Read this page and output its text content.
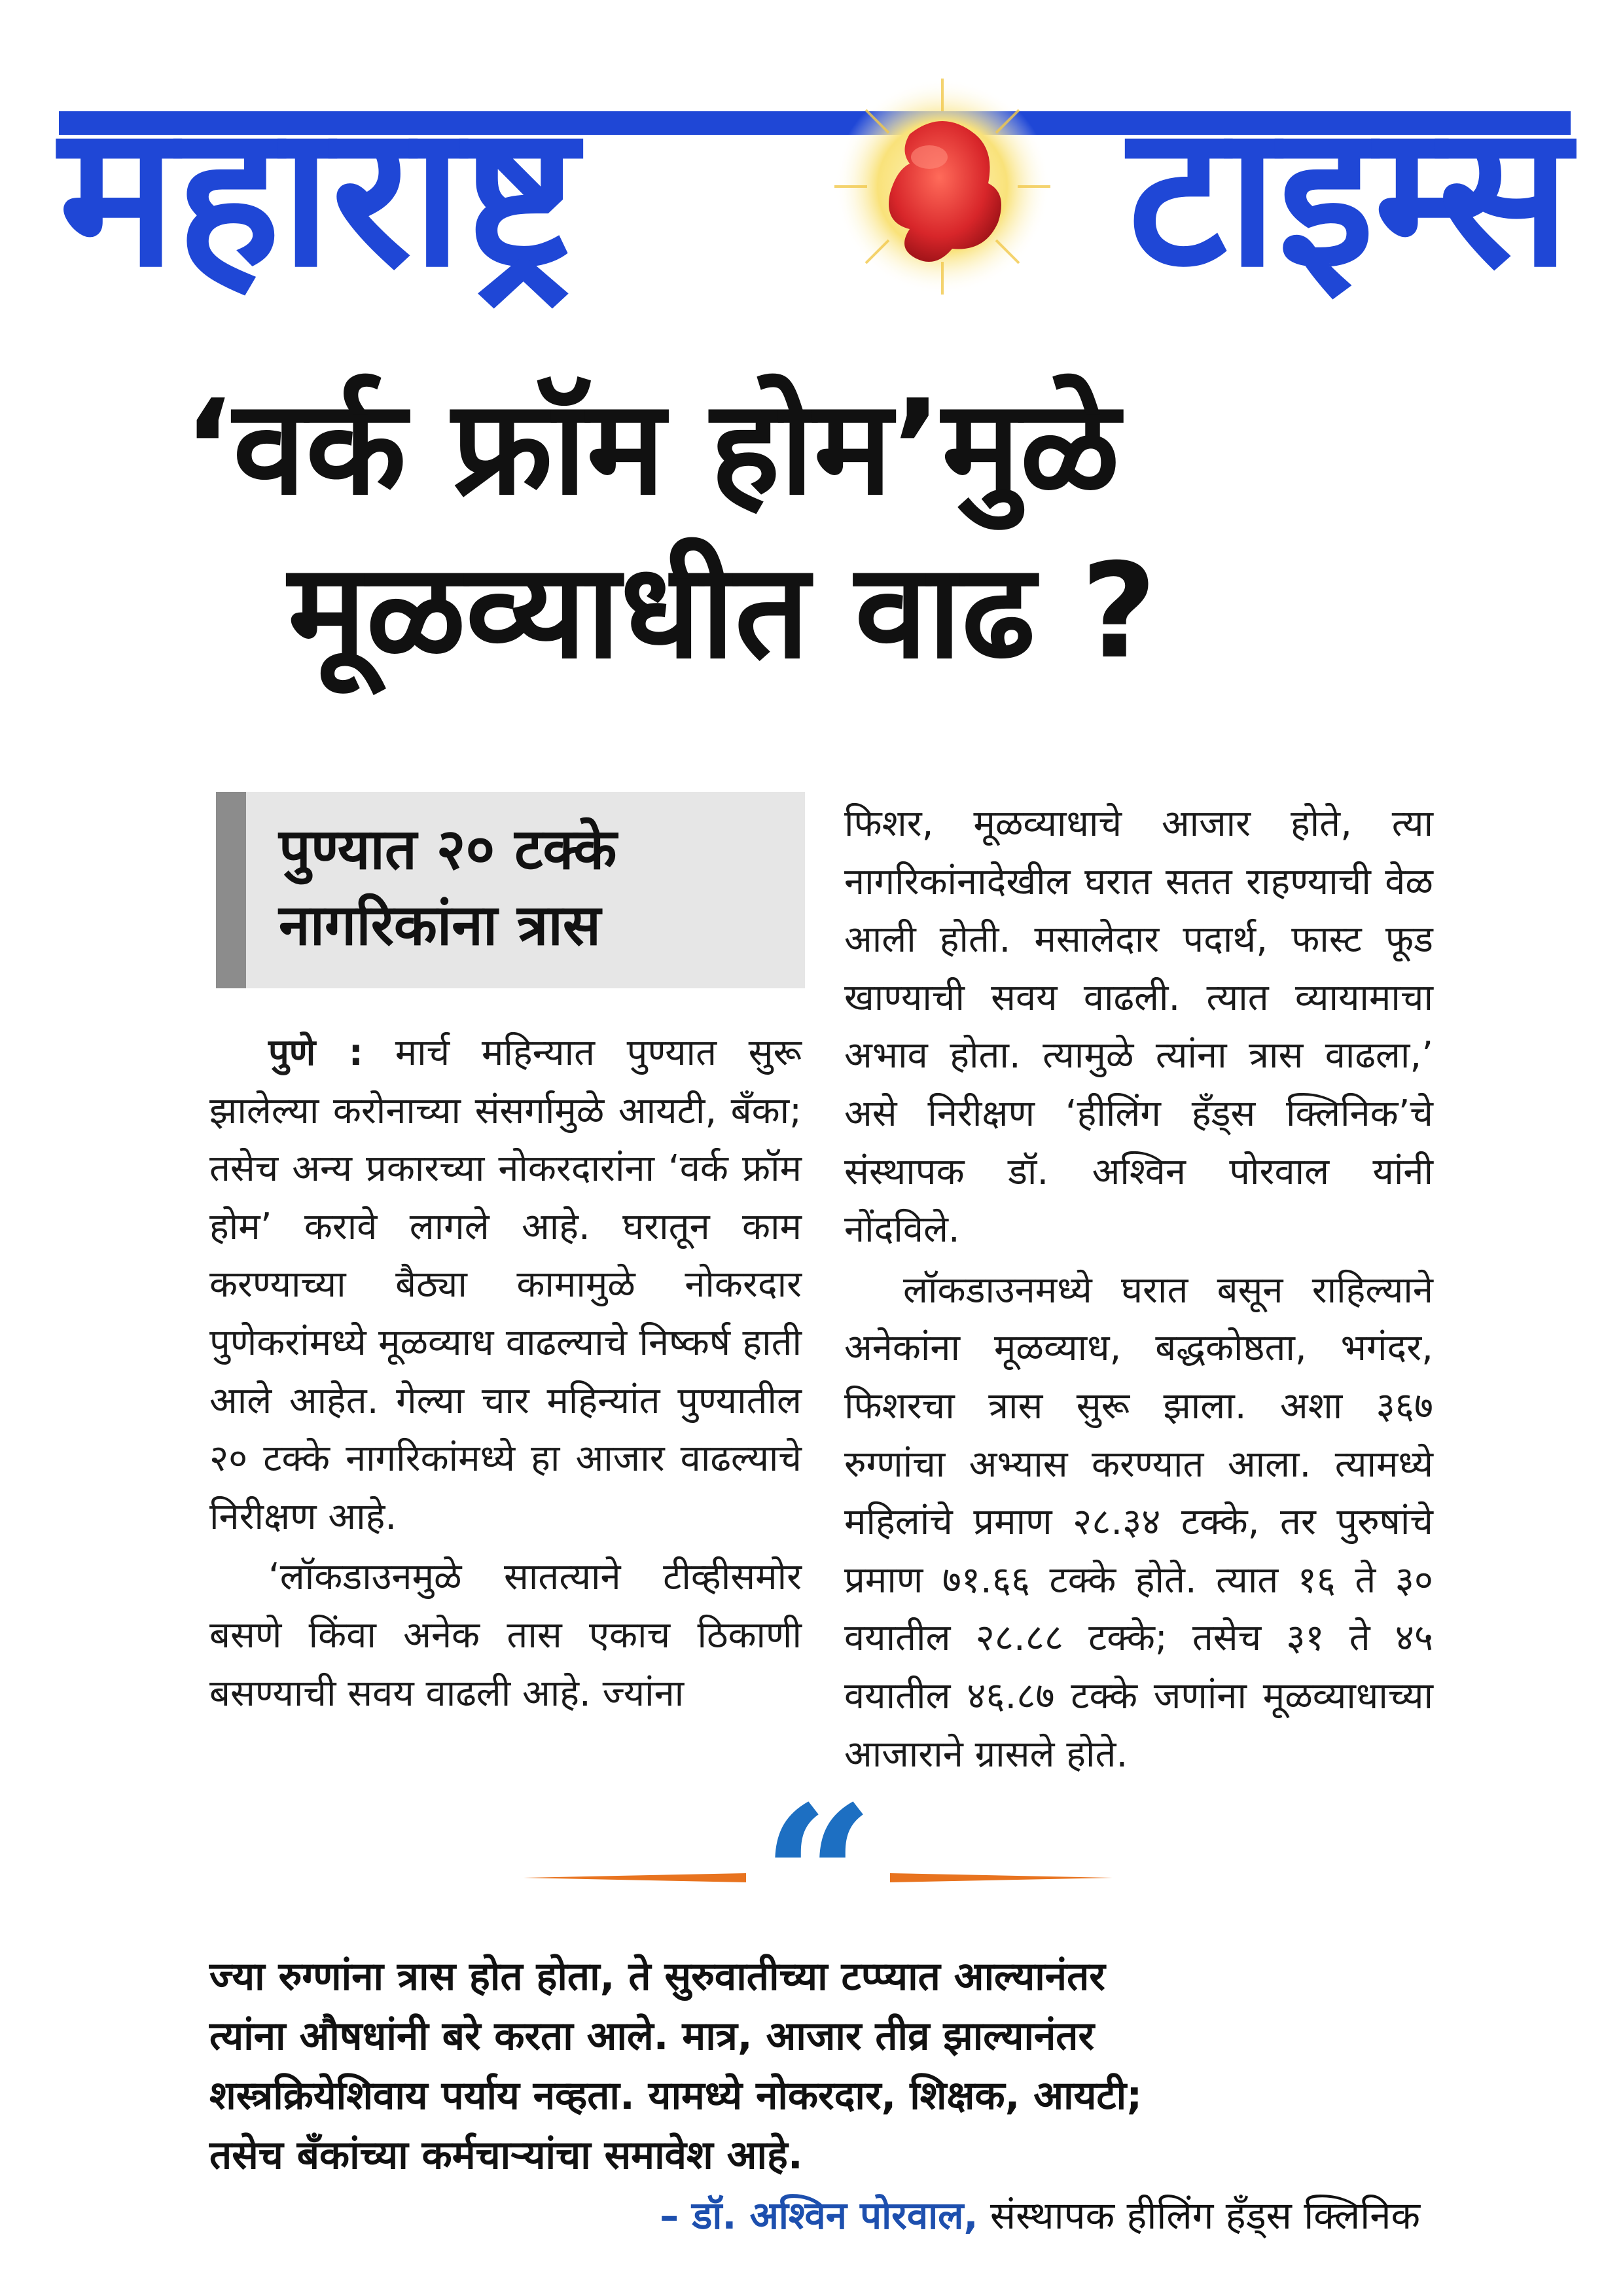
महाराष्ट्र	टाइम्स
‘वर्क फ्रॉम होम’मुळे
मूळव्याधीत वाढ ?
पुण्यात २० टक्के
नागरिकांना त्रास

पुणे : मार्च महिन्यात पुण्यात सुरू झालेल्या करोनाच्या संसर्गामुळे आयटी, बँका; तसेच अन्य प्रकारच्या नोकरदारांना ‘वर्क फ्रॉम होम’ करावे लागले आहे. घरातून काम करण्याच्या बैठ्या कामामुळे नोकरदार पुणेकरांमध्ये मूळव्याध वाढल्याचे निष्कर्ष हाती आले आहेत. गेल्या चार महिन्यांत पुण्यातील २० टक्के नागरिकांमध्ये हा आजार वाढल्याचे निरीक्षण आहे.

‘लॉकडाउनमुळे सातत्याने टीव्हीसमोर बसणे किंवा अनेक तास एकाच ठिकाणी बसण्याची सवय वाढली आहे. ज्यांना

फिशर, मूळव्याधाचे आजार होते, त्या नागरिकांनादेखील घरात सतत राहण्याची वेळ आली होती. मसालेदार पदार्थ, फास्ट फूड खाण्याची सवय वाढली. त्यात व्यायामाचा अभाव होता. त्यामुळे त्यांना त्रास वाढला,’ असे निरीक्षण ‘हीलिंग हँड्स क्लिनिक’चे संस्थापक डॉ. अश्विन पोरवाल यांनी नोंदविले.

लॉकडाउनमध्ये घरात बसून राहिल्याने अनेकांना मूळव्याध, बद्धकोष्ठता, भगंदर, फिशरचा त्रास सुरू झाला. अशा ३६७ रुग्णांचा अभ्यास करण्यात आला. त्यामध्ये महिलांचे प्रमाण २८.३४ टक्के, तर पुरुषांचे प्रमाण ७१.६६ टक्के होते. त्यात १६ ते ३० वयातील २८.८८ टक्के; तसेच ३१ ते ४५ वयातील ४६.८७ टक्के जणांना मूळव्याधाच्या आजाराने ग्रासले होते.

“
ज्या रुग्णांना त्रास होत होता, ते सुरुवातीच्या टप्प्यात आल्यानंतर
त्यांना औषधांनी बरे करता आले. मात्र, आजार तीव्र झाल्यानंतर
शस्त्रक्रियेशिवाय पर्याय नव्हता. यामध्ये नोकरदार, शिक्षक, आयटी;
तसेच बँकांच्या कर्मचाऱ्यांचा समावेश आहे.
– डॉ. अश्विन पोरवाल, संस्थापक हीलिंग हँड्स क्लिनिक
